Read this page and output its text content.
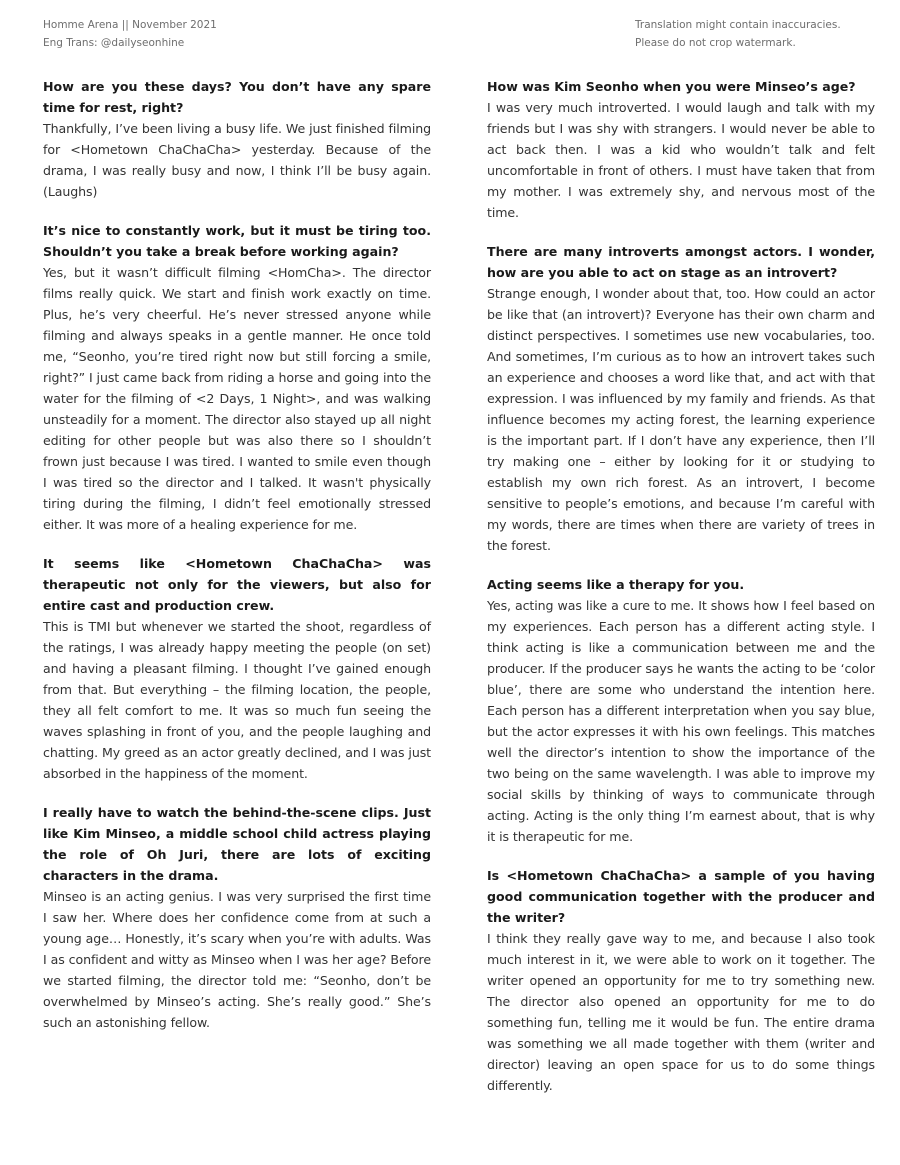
Homme Arena || November 2021
Eng Trans: @dailyseonhine
Translation might contain inaccuracies.
Please do not crop watermark.

How are you these days? You don’t have any spare time for rest, right?

Thankfully, I’ve been living a busy life. We just finished filming for <Hometown ChaChaCha> yesterday. Because of the drama, I was really busy and now, I think I’ll be busy again. (Laughs)

It’s nice to constantly work, but it must be tiring too. Shouldn’t you take a break before working again?

Yes, but it wasn’t difficult filming <HomCha>. The director films really quick. We start and finish work exactly on time. Plus, he’s very cheerful. He’s never stressed anyone while filming and always speaks in a gentle manner. He once told me, “Seonho, you’re tired right now but still forcing a smile, right?” I just came back from riding a horse and going into the water for the filming of <2 Days, 1 Night>, and was walking unsteadily for a moment. The director also stayed up all night editing for other people but was also there so I shouldn’t frown just because I was tired. I wanted to smile even though I was tired so the director and I talked. It wasn't physically tiring during the filming, I didn’t feel emotionally stressed either. It was more of a healing experience for me.

It seems like <Hometown ChaChaCha> was therapeutic not only for the viewers, but also for entire cast and production crew.

This is TMI but whenever we started the shoot, regardless of the ratings, I was already happy meeting the people (on set) and having a pleasant filming. I thought I’ve gained enough from that. But everything – the filming location, the people, they all felt comfort to me. It was so much fun seeing the waves splashing in front of you, and the people laughing and chatting. My greed as an actor greatly declined, and I was just absorbed in the happiness of the moment.

I really have to watch the behind-the-scene clips. Just like Kim Minseo, a middle school child actress playing the role of Oh Juri, there are lots of exciting characters in the drama.

Minseo is an acting genius. I was very surprised the first time I saw her. Where does her confidence come from at such a young age… Honestly, it’s scary when you’re with adults. Was I as confident and witty as Minseo when I was her age? Before we started filming, the director told me: “Seonho, don’t be overwhelmed by Minseo’s acting. She’s really good.” She’s such an astonishing fellow.

How was Kim Seonho when you were Minseo’s age?

I was very much introverted. I would laugh and talk with my friends but I was shy with strangers. I would never be able to act back then. I was a kid who wouldn’t talk and felt uncomfortable in front of others. I must have taken that from my mother. I was extremely shy, and nervous most of the time.

There are many introverts amongst actors. I wonder, how are you able to act on stage as an introvert?

Strange enough, I wonder about that, too. How could an actor be like that (an introvert)? Everyone has their own charm and distinct perspectives. I sometimes use new vocabularies, too. And sometimes, I’m curious as to how an introvert takes such an experience and chooses a word like that, and act with that expression. I was influenced by my family and friends. As that influence becomes my acting forest, the learning experience is the important part. If I don’t have any experience, then I’ll try making one – either by looking for it or studying to establish my own rich forest. As an introvert, I become sensitive to people’s emotions, and because I’m careful with my words, there are times when there are variety of trees in the forest.

Acting seems like a therapy for you.

Yes, acting was like a cure to me. It shows how I feel based on my experiences. Each person has a different acting style. I think acting is like a communication between me and the producer. If the producer says he wants the acting to be ‘color blue’, there are some who understand the intention here. Each person has a different interpretation when you say blue, but the actor expresses it with his own feelings. This matches well the director’s intention to show the importance of the two being on the same wavelength. I was able to improve my social skills by thinking of ways to communicate through acting. Acting is the only thing I’m earnest about, that is why it is therapeutic for me.

Is <Hometown ChaChaCha> a sample of you having good communication together with the producer and the writer?

I think they really gave way to me, and because I also took much interest in it, we were able to work on it together. The writer opened an opportunity for me to try something new. The director also opened an opportunity for me to do something fun, telling me it would be fun. The entire drama was something we all made together with them (writer and director) leaving an open space for us to do some things differently.
